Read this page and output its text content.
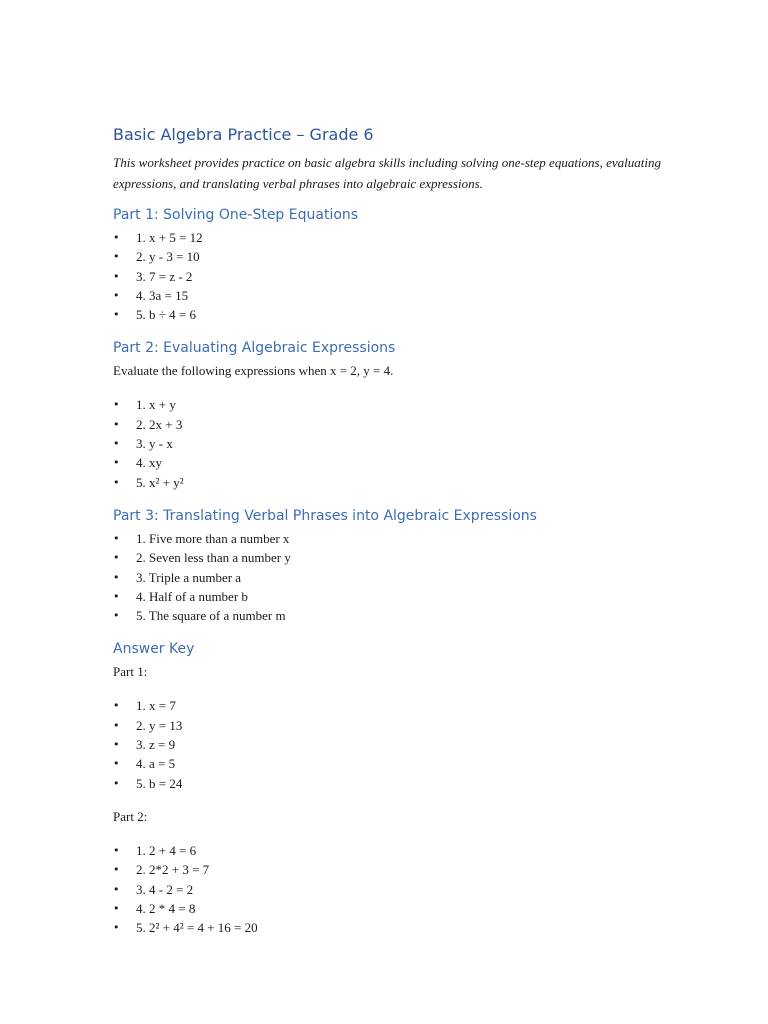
Basic Algebra Practice – Grade 6

This worksheet provides practice on basic algebra skills including solving one-step equations, evaluating expressions, and translating verbal phrases into algebraic expressions.

Part 1: Solving One-Step Equations
• 1. x + 5 = 12
• 2. y - 3 = 10
• 3. 7 = z - 2
• 4. 3a = 15
• 5. b ÷ 4 = 6
Part 2: Evaluating Algebraic Expressions

Evaluate the following expressions when x = 2, y = 4.

• 1. x + y
• 2. 2x + 3
• 3. y - x
• 4. xy
• 5. x² + y²
Part 3: Translating Verbal Phrases into Algebraic Expressions
• 1. Five more than a number x
• 2. Seven less than a number y
• 3. Triple a number a
• 4. Half of a number b
• 5. The square of a number m
Answer Key

Part 1:

• 1. x = 7
• 2. y = 13
• 3. z = 9
• 4. a = 5
• 5. b = 24

Part 2:

• 1. 2 + 4 = 6
• 2. 2*2 + 3 = 7
• 3. 4 - 2 = 2
• 4. 2 * 4 = 8
• 5. 2² + 4² = 4 + 16 = 20
